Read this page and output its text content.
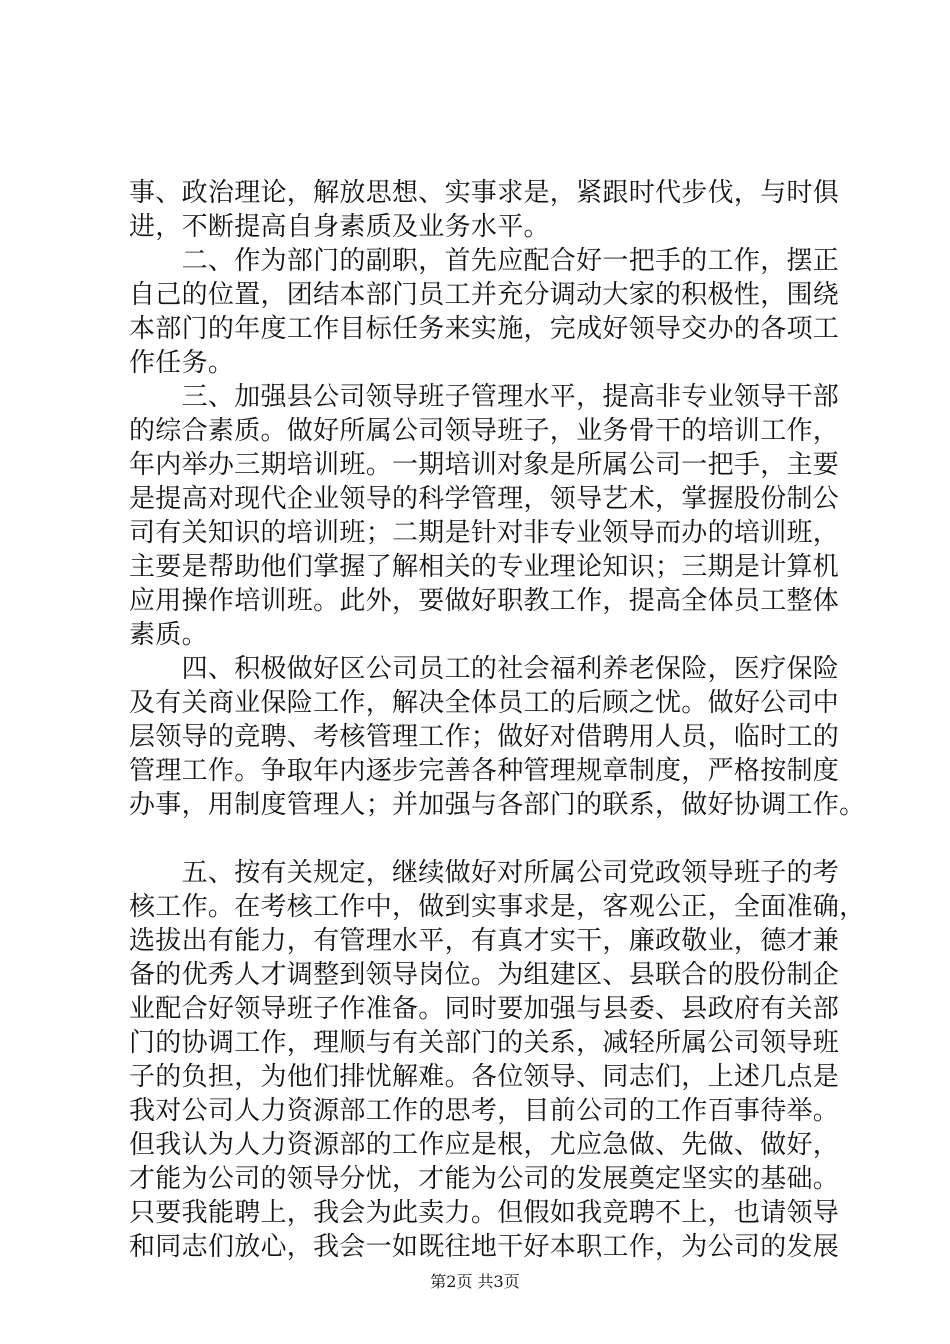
事、政治理论，解放思想、实事求是，紧跟时代步伐，与时俱
进，不断提高自身素质及业务水平。
　　二、作为部门的副职，首先应配合好一把手的工作，摆正
自己的位置，团结本部门员工并充分调动大家的积极性，围绕
本部门的年度工作目标任务来实施，完成好领导交办的各项工
作任务。
　　三、加强县公司领导班子管理水平，提高非专业领导干部
的综合素质。做好所属公司领导班子，业务骨干的培训工作，
年内举办三期培训班。一期培训对象是所属公司一把手，主要
是提高对现代企业领导的科学管理，领导艺术，掌握股份制公
司有关知识的培训班；二期是针对非专业领导而办的培训班，
主要是帮助他们掌握了解相关的专业理论知识；三期是计算机
应用操作培训班。此外，要做好职教工作，提高全体员工整体
素质。
　　四、积极做好区公司员工的社会福利养老保险，医疗保险
及有关商业保险工作，解决全体员工的后顾之忧。做好公司中
层领导的竞聘、考核管理工作；做好对借聘用人员，临时工的
管理工作。争取年内逐步完善各种管理规章制度，严格按制度
办事，用制度管理人；并加强与各部门的联系，做好协调工作。
　　五、按有关规定，继续做好对所属公司党政领导班子的考
核工作。在考核工作中，做到实事求是，客观公正，全面准确，
选拔出有能力，有管理水平，有真才实干，廉政敬业，德才兼
备的优秀人才调整到领导岗位。为组建区、县联合的股份制企
业配合好领导班子作准备。同时要加强与县委、县政府有关部
门的协调工作，理顺与有关部门的关系，减轻所属公司领导班
子的负担，为他们排忧解难。各位领导、同志们，上述几点是
我对公司人力资源部工作的思考，目前公司的工作百事待举。
但我认为人力资源部的工作应是根，尤应急做、先做、做好，
才能为公司的领导分忧，才能为公司的发展奠定坚实的基础。
只要我能聘上，我会为此卖力。但假如我竞聘不上，也请领导
和同志们放心，我会一如既往地干好本职工作，为公司的发展
第2页 共3页
